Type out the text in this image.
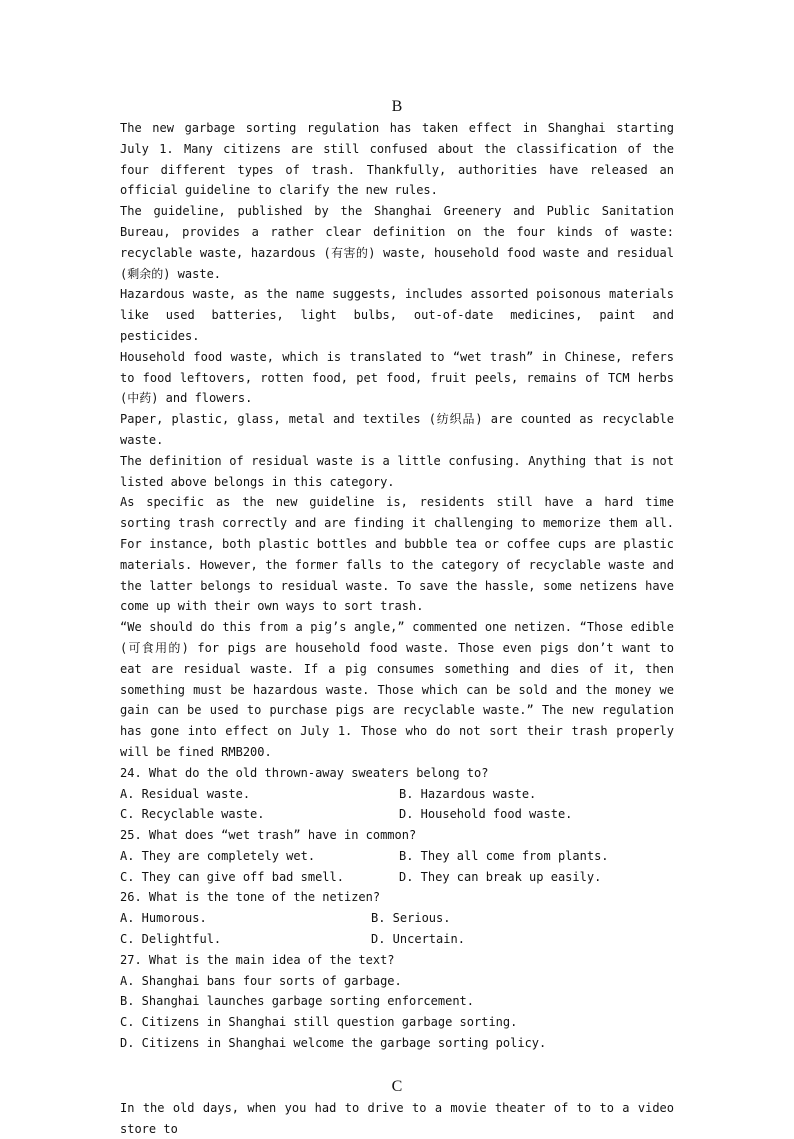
B

The new garbage sorting regulation has taken effect in Shanghai starting July 1. Many citizens are still confused about the classification of the four different types of trash. Thankfully, authorities have released an official guideline to clarify the new rules.

The guideline, published by the Shanghai Greenery and Public Sanitation Bureau, provides a rather clear definition on the four kinds of waste: recyclable waste, hazardous (有害的) waste, household food waste and residual (剩余的) waste.

Hazardous waste, as the name suggests, includes assorted poisonous materials like used batteries, light bulbs, out-of-date medicines, paint and pesticides.

Household food waste, which is translated to “wet trash” in Chinese, refers to food leftovers, rotten food, pet food, fruit peels, remains of TCM herbs (中药) and flowers.

Paper, plastic, glass, metal and textiles (纺织品) are counted as recyclable waste.

The definition of residual waste is a little confusing. Anything that is not listed above belongs in this category.

As specific as the new guideline is, residents still have a hard time sorting trash correctly and are finding it challenging to memorize them all. For instance, both plastic bottles and bubble tea or coffee cups are plastic materials. However, the former falls to the category of recyclable waste and the latter belongs to residual waste. To save the hassle, some netizens have come up with their own ways to sort trash.

“We should do this from a pig’s angle,” commented one netizen. “Those edible (可食用的) for pigs are household food waste. Those even pigs don’t want to eat are residual waste. If a pig consumes something and dies of it, then something must be hazardous waste. Those which can be sold and the money we gain can be used to purchase pigs are recyclable waste.” The new regulation has gone into effect on July 1. Those who do not sort their trash properly will be fined RMB200.

24. What do the old thrown-away sweaters belong to?

A. Residual waste.	B. Hazardous waste.
C. Recyclable waste.	D. Household food waste.

25. What does “wet trash” have in common?

A. They are completely wet.	B. They all come from plants.
C. They can give off bad smell.	D. They can break up easily.

26. What is the tone of the netizen?

A. Humorous.	B. Serious.
C. Delightful.	D. Uncertain.

27. What is the main idea of the text?

A. Shanghai bans four sorts of garbage.

B. Shanghai launches garbage sorting enforcement.

C. Citizens in Shanghai still question garbage sorting.

D. Citizens in Shanghai welcome the garbage sorting policy.

C

In the old days, when you had to drive to a movie theater of to to a video store to
